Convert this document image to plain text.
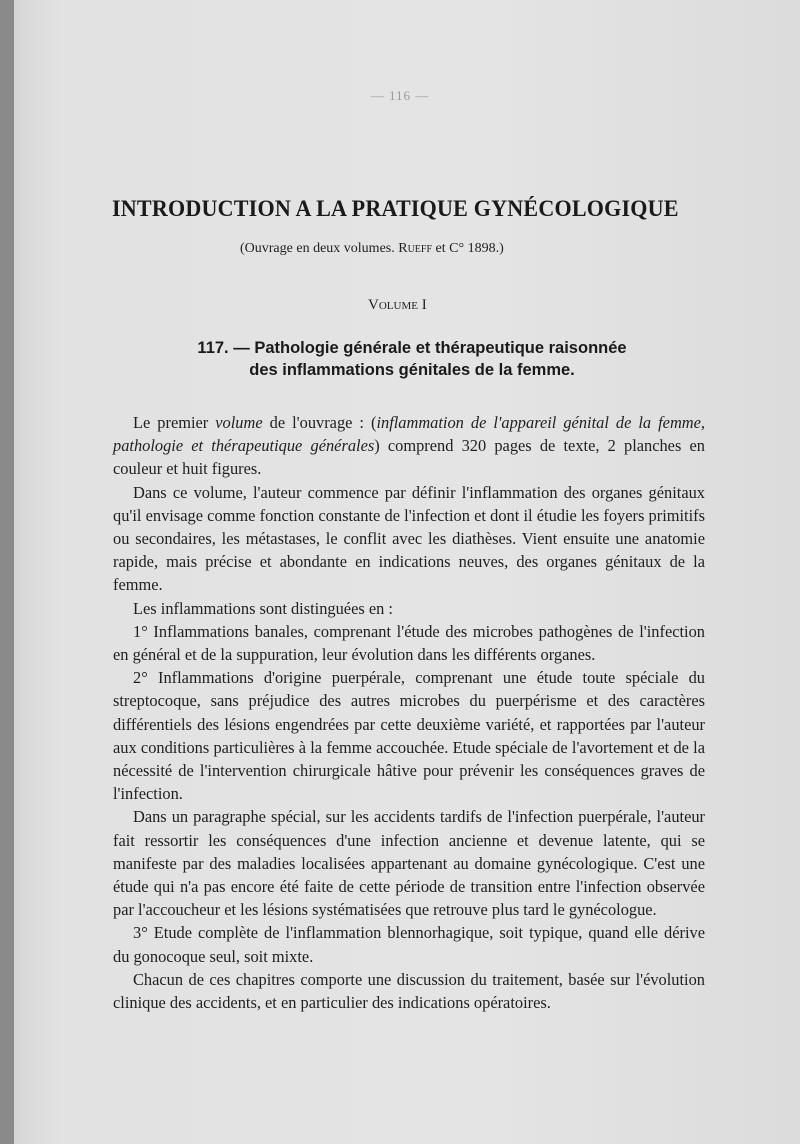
— 116 —
INTRODUCTION A LA PRATIQUE GYNÉCOLOGIQUE
(Ouvrage en deux volumes. Rueff et C° 1898.)
Volume I
117. — Pathologie générale et thérapeutique raisonnée
des inflammations génitales de la femme.

Le premier volume de l'ouvrage : (inflammation de l'appareil génital de la femme, pathologie et thérapeutique générales) comprend 320 pages de texte, 2 planches en couleur et huit figures.

Dans ce volume, l'auteur commence par définir l'inflammation des organes génitaux qu'il envisage comme fonction constante de l'infection et dont il étudie les foyers primitifs ou secondaires, les métastases, le conflit avec les diathèses. Vient ensuite une anatomie rapide, mais précise et abondante en indications neuves, des organes génitaux de la femme.

Les inflammations sont distinguées en :

1° Inflammations banales, comprenant l'étude des microbes pathogènes de l'infection en général et de la suppuration, leur évolution dans les différents organes.

2° Inflammations d'origine puerpérale, comprenant une étude toute spéciale du streptocoque, sans préjudice des autres microbes du puerpérisme et des caractères différentiels des lésions engendrées par cette deuxième variété, et rapportées par l'auteur aux conditions particulières à la femme accouchée. Etude spéciale de l'avortement et de la nécessité de l'intervention chirurgicale hâtive pour prévenir les conséquences graves de l'infection.

Dans un paragraphe spécial, sur les accidents tardifs de l'infection puerpérale, l'auteur fait ressortir les conséquences d'une infection ancienne et devenue latente, qui se manifeste par des maladies localisées appartenant au domaine gynécologique. C'est une étude qui n'a pas encore été faite de cette période de transition entre l'infection observée par l'accoucheur et les lésions systématisées que retrouve plus tard le gynécologue.

3° Etude complète de l'inflammation blennorhagique, soit typique, quand elle dérive du gonocoque seul, soit mixte.

Chacun de ces chapitres comporte une discussion du traitement, basée sur l'évolution clinique des accidents, et en particulier des indications opératoires.
